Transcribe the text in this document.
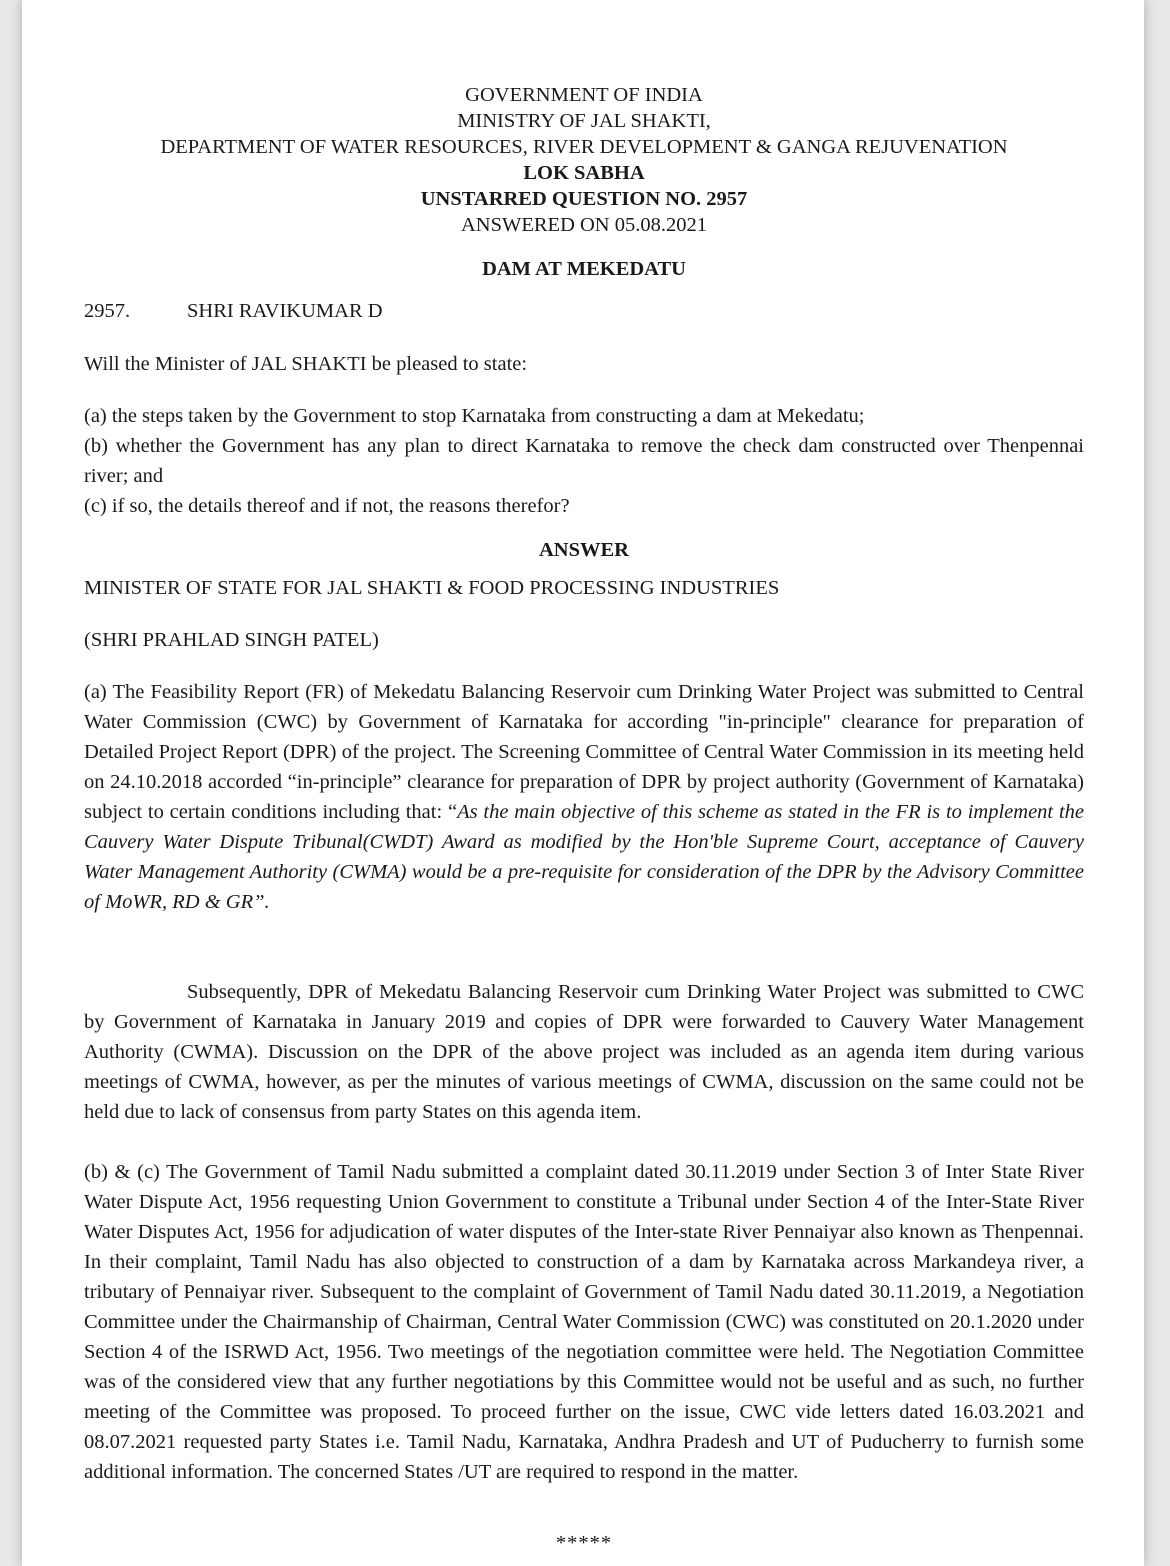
GOVERNMENT OF INDIA

MINISTRY OF JAL SHAKTI,

DEPARTMENT OF WATER RESOURCES, RIVER DEVELOPMENT & GANGA REJUVENATION

LOK SABHA

UNSTARRED QUESTION NO. 2957

ANSWERED ON 05.08.2021

DAM AT MEKEDATU
2957.	SHRI RAVIKUMAR D
Will the Minister of JAL SHAKTI be pleased to state:

(a) the steps taken by the Government to stop Karnataka from constructing a dam at Mekedatu;

(b) whether the Government has any plan to direct Karnataka to remove the check dam constructed over Thenpennai river; and

(c) if so, the details thereof and if not, the reasons therefor?

ANSWER
MINISTER OF STATE FOR JAL SHAKTI & FOOD PROCESSING INDUSTRIES
(SHRI PRAHLAD SINGH PATEL)
(a) The Feasibility Report (FR) of Mekedatu Balancing Reservoir cum Drinking Water Project was submitted to Central Water Commission (CWC) by Government of Karnataka for according "in-principle" clearance for preparation of Detailed Project Report (DPR) of the project. The Screening Committee of Central Water Commission in its meeting held on 24.10.2018 accorded “in-principle” clearance for preparation of DPR by project authority (Government of Karnataka) subject to certain conditions including that: “As the main objective of this scheme as stated in the FR is to implement the Cauvery Water Dispute Tribunal(CWDT) Award as modified by the Hon'ble Supreme Court, acceptance of Cauvery Water Management Authority (CWMA) would be a pre-requisite for consideration of the DPR by the Advisory Committee of MoWR, RD & GR”.
Subsequently, DPR of Mekedatu Balancing Reservoir cum Drinking Water Project was submitted to CWC by Government of Karnataka in January 2019 and copies of DPR were forwarded to Cauvery Water Management Authority (CWMA). Discussion on the DPR of the above project was included as an agenda item during various meetings of CWMA, however, as per the minutes of various meetings of CWMA, discussion on the same could not be held due to lack of consensus from party States on this agenda item.
(b) & (c) The Government of Tamil Nadu submitted a complaint dated 30.11.2019 under Section 3 of Inter State River Water Dispute Act, 1956 requesting Union Government to constitute a Tribunal under Section 4 of the Inter-State River Water Disputes Act, 1956 for adjudication of water disputes of the Inter-state River Pennaiyar also known as Thenpennai. In their complaint, Tamil Nadu has also objected to construction of a dam by Karnataka across Markandeya river, a tributary of Pennaiyar river. Subsequent to the complaint of Government of Tamil Nadu dated 30.11.2019, a Negotiation Committee under the Chairmanship of Chairman, Central Water Commission (CWC) was constituted on 20.1.2020 under Section 4 of the ISRWD Act, 1956. Two meetings of the negotiation committee were held. The Negotiation Committee was of the considered view that any further negotiations by this Committee would not be useful and as such, no further meeting of the Committee was proposed. To proceed further on the issue, CWC vide letters dated 16.03.2021 and 08.07.2021 requested party States i.e. Tamil Nadu, Karnataka, Andhra Pradesh and UT of Puducherry to furnish some additional information. The concerned States /UT are required to respond in the matter.
*****
